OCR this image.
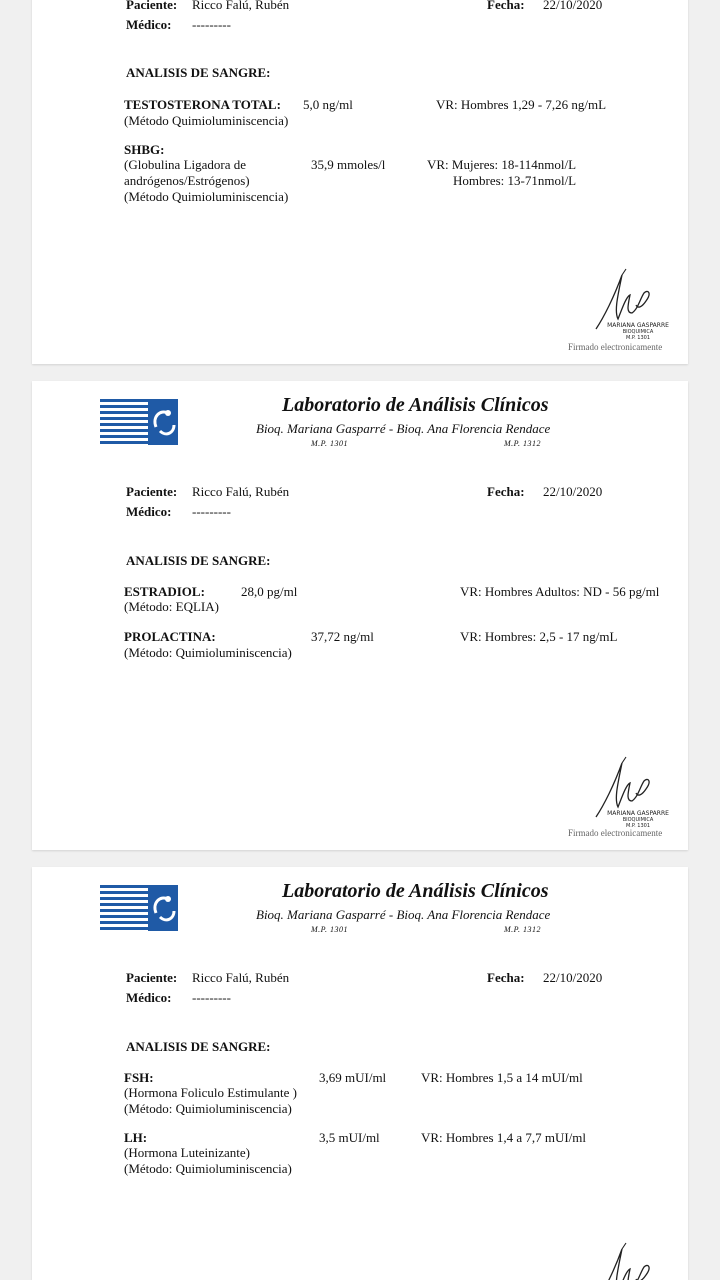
Paciente: Ricco Falú, Rubén	Fecha: 22/10/2020
Médico: ---------
ANALISIS DE SANGRE:
TESTOSTERONA TOTAL: 5,0 ng/ml	VR: Hombres 1,29 - 7,26 ng/mL
(Método Quimioluminiscencia)
SHBG:
(Globulina Ligadora de
andrógenos/Estrógenos)
(Método Quimioluminiscencia)
35,9 mmoles/l	VR: Mujeres: 18-114nmol/L
Hombres: 13-71nmol/L
MARIANA GASPARRE
BIOQUIMICA
M.P. 1301
Firmado electronicamente
Laboratorio de Análisis Clínicos
Bioq. Mariana Gasparré - Bioq. Ana Florencia Rendace
M.P. 1301	M.P. 1312
Paciente: Ricco Falú, Rubén	Fecha: 22/10/2020
Médico: ---------
ANALISIS DE SANGRE:
ESTRADIOL:	28,0 pg/ml	VR: Hombres Adultos: ND - 56 pg/ml
(Método: EQLIA)
PROLACTINA:	37,72 ng/ml	VR: Hombres: 2,5 - 17 ng/mL
(Método: Quimioluminiscencia)
MARIANA GASPARRE
BIOQUIMICA
M.P. 1301
Firmado electronicamente
Laboratorio de Análisis Clínicos
Bioq. Mariana Gasparré - Bioq. Ana Florencia Rendace
M.P. 1301	M.P. 1312
Paciente: Ricco Falú, Rubén	Fecha: 22/10/2020
Médico: ---------
ANALISIS DE SANGRE:
FSH:
(Hormona Foliculo Estimulante )
(Método: Quimioluminiscencia)
3,69 mUI/ml	VR: Hombres 1,5 a 14 mUI/ml
LH:
(Hormona Luteinizante)
(Método: Quimioluminiscencia)
3,5 mUI/ml	VR: Hombres 1,4 a 7,7 mUI/ml
